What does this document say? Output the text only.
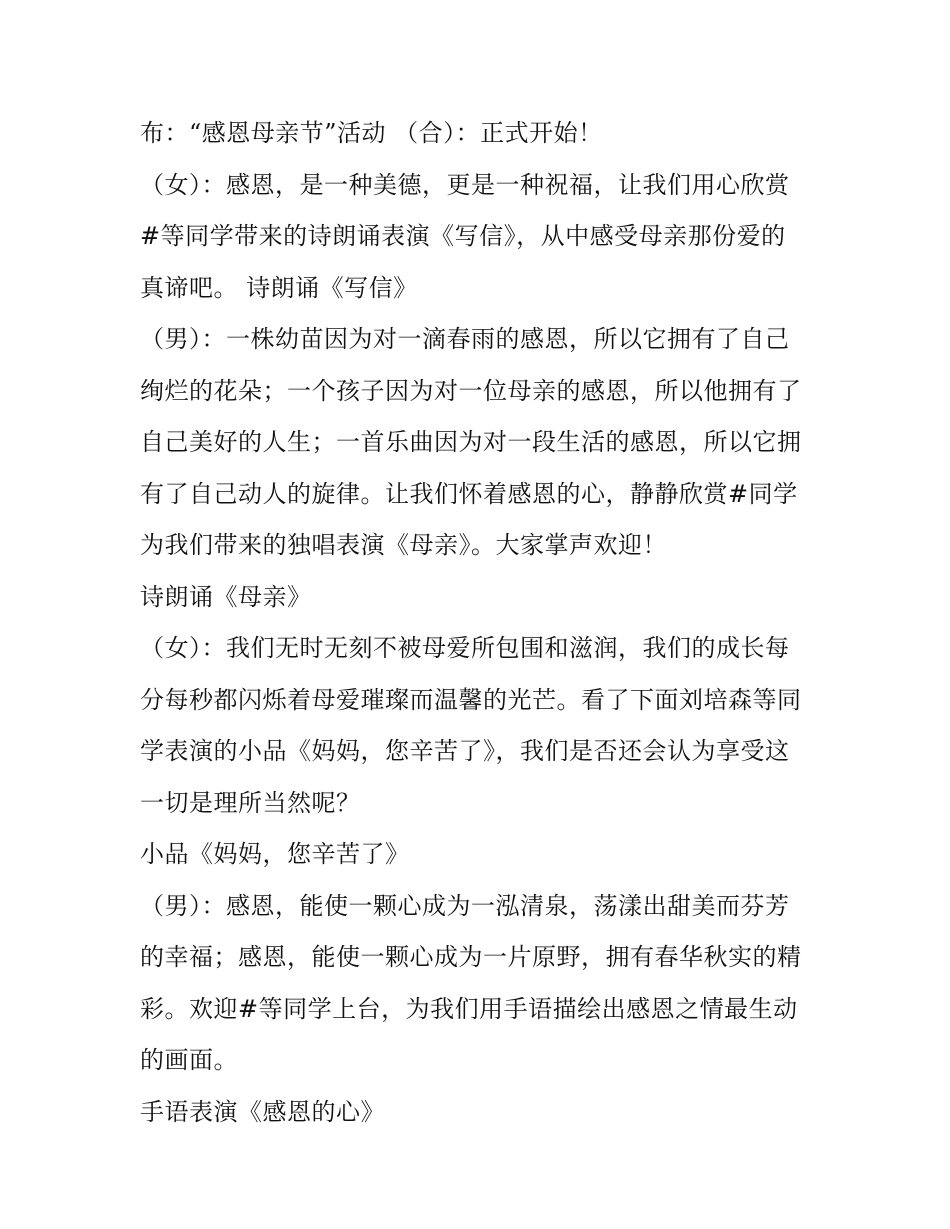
布：“感恩母亲节”活动 （合）：正式开始！
（女）：感恩，是一种美德，更是一种祝福，让我们用心欣赏
#等同学带来的诗朗诵表演《写信》，从中感受母亲那份爱的
真谛吧。 诗朗诵《写信》
（男）：一株幼苗因为对一滴春雨的感恩，所以它拥有了自己
绚烂的花朵；一个孩子因为对一位母亲的感恩，所以他拥有了
自己美好的人生；一首乐曲因为对一段生活的感恩，所以它拥
有了自己动人的旋律。让我们怀着感恩的心，静静欣赏#同学
为我们带来的独唱表演《母亲》。大家掌声欢迎！
诗朗诵《母亲》
（女）：我们无时无刻不被母爱所包围和滋润，我们的成长每
分每秒都闪烁着母爱璀璨而温馨的光芒。看了下面刘培森等同
学表演的小品《妈妈，您辛苦了》，我们是否还会认为享受这
一切是理所当然呢？
小品《妈妈，您辛苦了》
（男）：感恩，能使一颗心成为一泓清泉，荡漾出甜美而芬芳
的幸福；感恩，能使一颗心成为一片原野，拥有春华秋实的精
彩。欢迎#等同学上台，为我们用手语描绘出感恩之情最生动
的画面。
手语表演《感恩的心》
